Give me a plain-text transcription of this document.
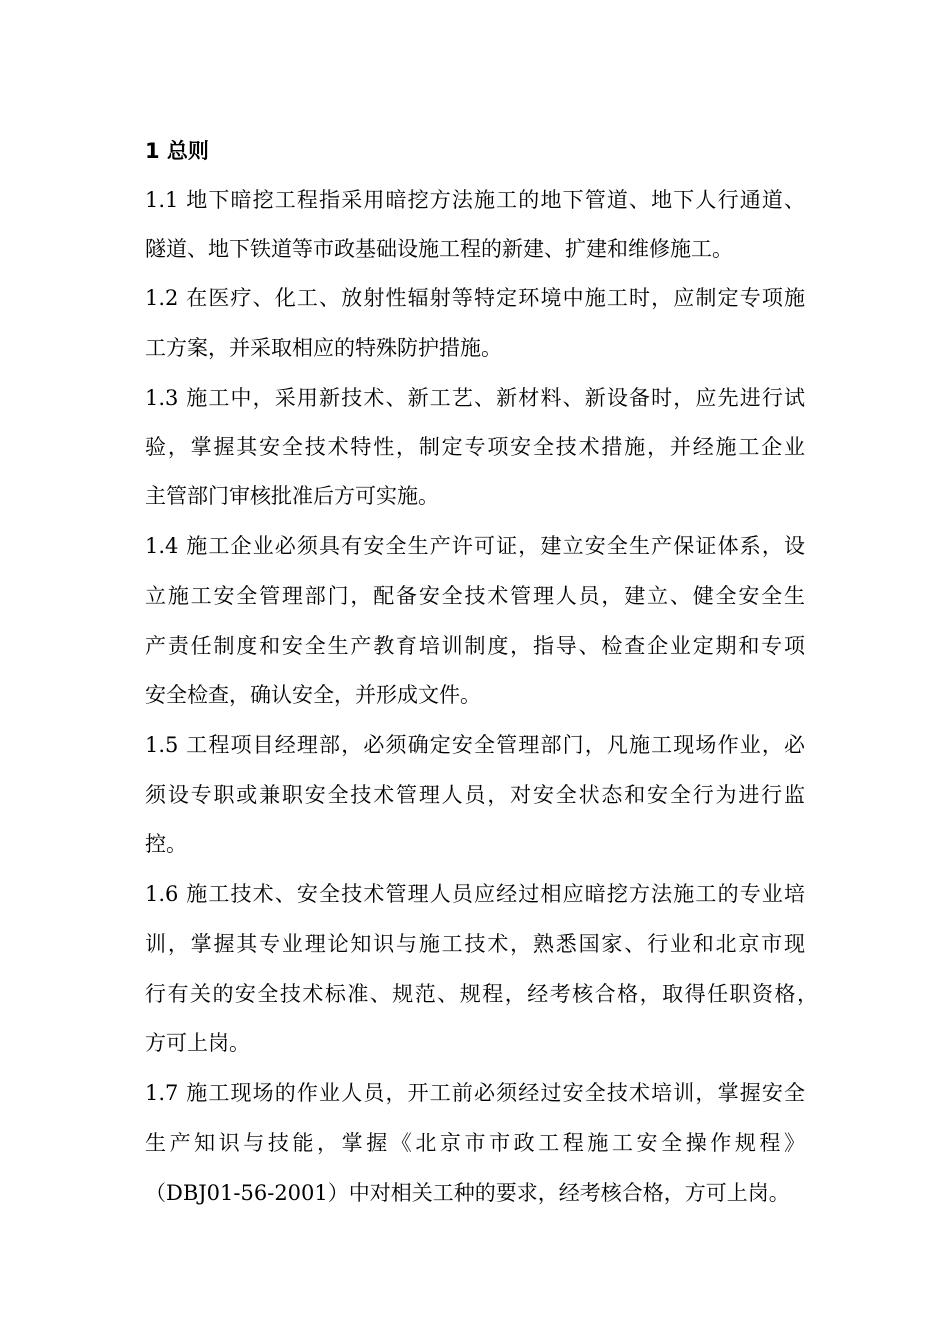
1 总则
1.1 地下暗挖工程指采用暗挖方法施工的地下管道、地下人行通道、
隧道、地下铁道等市政基础设施工程的新建、扩建和维修施工。
1.2 在医疗、化工、放射性辐射等特定环境中施工时，应制定专项施
工方案，并采取相应的特殊防护措施。
1.3 施工中，采用新技术、新工艺、新材料、新设备时，应先进行试
验，掌握其安全技术特性，制定专项安全技术措施，并经施工企业
主管部门审核批准后方可实施。
1.4 施工企业必须具有安全生产许可证，建立安全生产保证体系，设
立施工安全管理部门，配备安全技术管理人员，建立、健全安全生
产责任制度和安全生产教育培训制度，指导、检查企业定期和专项
安全检查，确认安全，并形成文件。
1.5 工程项目经理部，必须确定安全管理部门，凡施工现场作业，必
须设专职或兼职安全技术管理人员，对安全状态和安全行为进行监
控。
1.6 施工技术、安全技术管理人员应经过相应暗挖方法施工的专业培
训，掌握其专业理论知识与施工技术，熟悉国家、行业和北京市现
行有关的安全技术标准、规范、规程，经考核合格，取得任职资格，
方可上岗。
1.7 施工现场的作业人员，开工前必须经过安全技术培训，掌握安全
生产知识与技能，掌握《北京市市政工程施工安全操作规程》
（DBJ01-56-2001）中对相关工种的要求，经考核合格，方可上岗。
